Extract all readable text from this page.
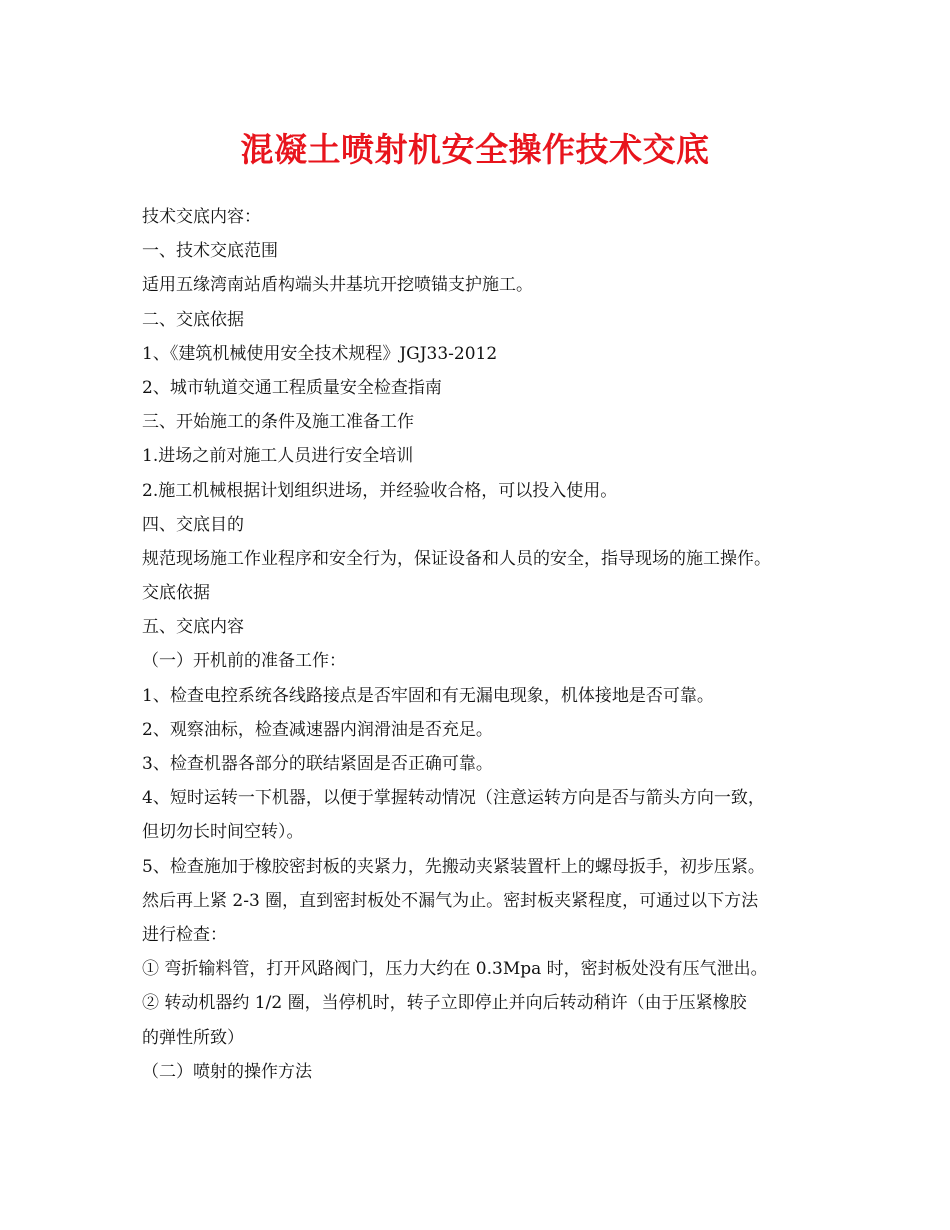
混凝土喷射机安全操作技术交底
技术交底内容：
一、技术交底范围
适用五缘湾南站盾构端头井基坑开挖喷锚支护施工。
二、交底依据
1、《建筑机械使用安全技术规程》JGJ33-2012
2、城市轨道交通工程质量安全检查指南
三、开始施工的条件及施工准备工作
1.进场之前对施工人员进行安全培训
2.施工机械根据计划组织进场，并经验收合格，可以投入使用。
四、交底目的
规范现场施工作业程序和安全行为，保证设备和人员的安全，指导现场的施工操作。
交底依据
五、交底内容
（一）开机前的准备工作：
1、检查电控系统各线路接点是否牢固和有无漏电现象，机体接地是否可靠。
2、观察油标，检查减速器内润滑油是否充足。
3、检查机器各部分的联结紧固是否正确可靠。
4、短时运转一下机器，以便于掌握转动情况（注意运转方向是否与箭头方向一致，
但切勿长时间空转）。
5、检查施加于橡胶密封板的夹紧力，先搬动夹紧装置杆上的螺母扳手，初步压紧。
然后再上紧 2-3 圈，直到密封板处不漏气为止。密封板夹紧程度，可通过以下方法
进行检查：
① 弯折输料管，打开风路阀门，压力大约在 0.3Mpa 时，密封板处没有压气泄出。
② 转动机器约 1/2 圈，当停机时，转子立即停止并向后转动稍许（由于压紧橡胶
的弹性所致）
（二）喷射的操作方法
